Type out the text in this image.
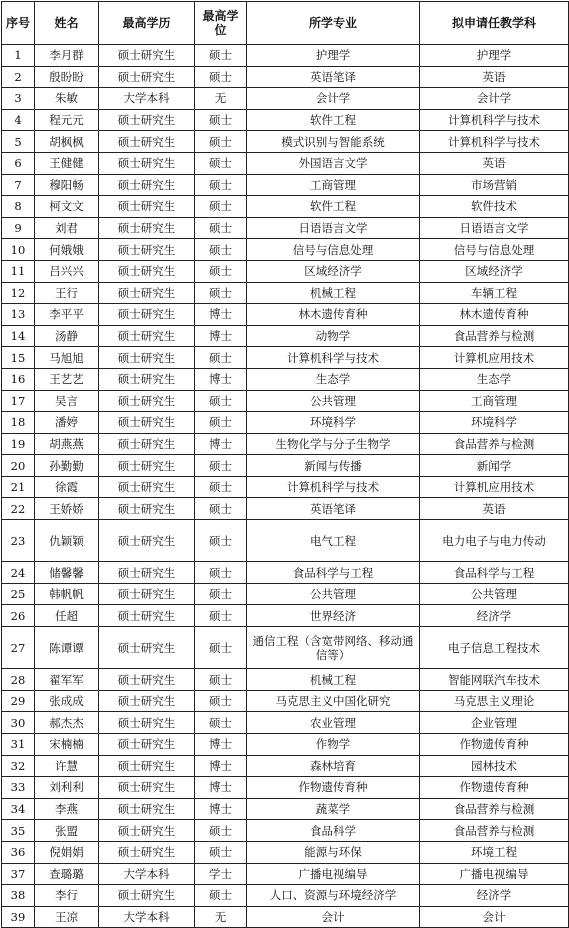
序号	姓名	最高学历	最高学位	所学专业	拟申请任教学科
1	李月群	硕士研究生	硕士	护理学	护理学
2	殷盼盼	硕士研究生	硕士	英语笔译	英语
3	朱敏	大学本科	无	会计学	会计学
4	程元元	硕士研究生	硕士	软件工程	计算机科学与技术
5	胡枫枫	硕士研究生	硕士	模式识别与智能系统	计算机科学与技术
6	王健健	硕士研究生	硕士	外国语言文学	英语
7	穆阳畅	硕士研究生	硕士	工商管理	市场营销
8	柯文文	硕士研究生	硕士	软件工程	软件技术
9	刘君	硕士研究生	硕士	日语语言文学	日语语言文学
10	何娥娥	硕士研究生	硕士	信号与信息处理	信号与信息处理
11	吕兴兴	硕士研究生	硕士	区域经济学	区域经济学
12	王行	硕士研究生	硕士	机械工程	车辆工程
13	李平平	硕士研究生	博士	林木遗传育种	林木遗传育种
14	汤静	硕士研究生	博士	动物学	食品营养与检测
15	马旭旭	硕士研究生	硕士	计算机科学与技术	计算机应用技术
16	王艺艺	硕士研究生	博士	生态学	生态学
17	吴言	硕士研究生	硕士	公共管理	工商管理
18	潘婷	硕士研究生	硕士	环境科学	环境科学
19	胡燕燕	硕士研究生	博士	生物化学与分子生物学	食品营养与检测
20	孙勤勤	硕士研究生	硕士	新闻与传播	新闻学
21	徐霞	硕士研究生	硕士	计算机科学与技术	计算机应用技术
22	王娇娇	硕士研究生	硕士	英语笔译	英语
23	仇颖颖	硕士研究生	硕士	电气工程	电力电子与电力传动
24	储馨馨	硕士研究生	硕士	食品科学与工程	食品科学与工程
25	韩帆帆	硕士研究生	硕士	公共管理	公共管理
26	任超	硕士研究生	硕士	世界经济	经济学
27	陈谭谭	硕士研究生	硕士	通信工程（含宽带网络、移动通信等）	电子信息工程技术
28	翟军军	硕士研究生	硕士	机械工程	智能网联汽车技术
29	张成成	硕士研究生	硕士	马克思主义中国化研究	马克思主义理论
30	郝杰杰	硕士研究生	硕士	农业管理	企业管理
31	宋楠楠	硕士研究生	博士	作物学	作物遗传育种
32	许慧	硕士研究生	博士	森林培育	园林技术
33	刘利利	硕士研究生	博士	作物遗传育种	作物遗传育种
34	李燕	硕士研究生	博士	蔬菜学	食品营养与检测
35	张盟	硕士研究生	硕士	食品科学	食品营养与检测
36	倪娟娟	硕士研究生	硕士	能源与环保	环境工程
37	查璐璐	大学本科	学士	广播电视编导	广播电视编导
38	李行	硕士研究生	硕士	人口、资源与环境经济学	经济学
39	王凉	大学本科	无	会计	会计
